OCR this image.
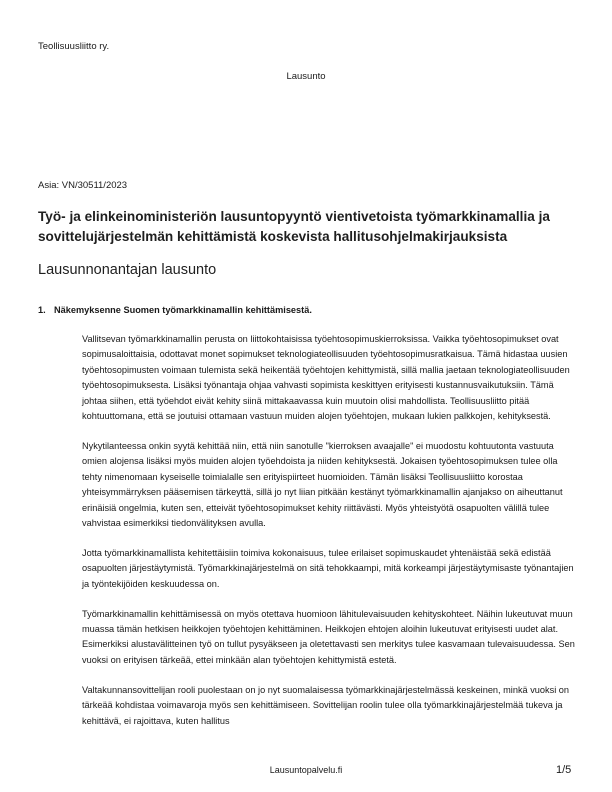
Teollisuusliitto ry.
Lausunto
Asia: VN/30511/2023
Työ- ja elinkeinoministeriön lausuntopyyntö vientivetoista työmarkkinamallia ja sovittelujärjestelmän kehittämistä koskevista hallitusohjelmakirjauksista
Lausunnonantajan lausunto
1. Näkemyksenne Suomen työmarkkinamallin kehittämisestä.

Vallitsevan työmarkkinamallin perusta on liittokohtaisissa työehtosopimuskierroksissa. Vaikka työehtosopimukset ovat sopimusaloittaisia, odottavat monet sopimukset teknologiateollisuuden työehtosopimusratkaisua. Tämä hidastaa uusien työehtosopimusten voimaan tulemista sekä heikentää työehtojen kehittymistä, sillä mallia jaetaan teknologiateollisuuden työehtosopimuksesta. Lisäksi työnantaja ohjaa vahvasti sopimista keskittyen erityisesti kustannusvaikutuksiin. Tämä johtaa siihen, että työehdot eivät kehity siinä mittakaavassa kuin muutoin olisi mahdollista. Teollisuusliitto pitää kohtuuttomana, että se joutuisi ottamaan vastuun muiden alojen työehtojen, mukaan lukien palkkojen, kehityksestä.

Nykytilanteessa onkin syytä kehittää niin, että niin sanotulle "kierroksen avaajalle" ei muodostu kohtuutonta vastuuta omien alojensa lisäksi myös muiden alojen työehdoista ja niiden kehityksestä. Jokaisen työehtosopimuksen tulee olla tehty nimenomaan kyseiselle toimialalle sen erityispiirteet huomioiden. Tämän lisäksi Teollisuusliitto korostaa yhteisymmärryksen pääsemisen tärkeyttä, sillä jo nyt liian pitkään kestänyt työmarkkinamallin ajanjakso on aiheuttanut erinäisiä ongelmia, kuten sen, etteivät työehtosopimukset kehity riittävästi. Myös yhteistyötä osapuolten välillä tulee vahvistaa esimerkiksi tiedonvälityksen avulla.

Jotta työmarkkinamallista kehitettäisiin toimiva kokonaisuus, tulee erilaiset sopimuskaudet yhtenäistää sekä edistää osapuolten järjestäytymistä. Työmarkkinajärjestelmä on sitä tehokkaampi, mitä korkeampi järjestäytymisaste työnantajien ja työntekijöiden keskuudessa on.

Työmarkkinamallin kehittämisessä on myös otettava huomioon lähitulevaisuuden kehityskohteet. Näihin lukeutuvat muun muassa tämän hetkisen heikkojen työehtojen kehittäminen. Heikkojen ehtojen aloihin lukeutuvat erityisesti uudet alat. Esimerkiksi alustavälitteinen työ on tullut pysyäkseen ja oletettavasti sen merkitys tulee kasvamaan tulevaisuudessa. Sen vuoksi on erityisen tärkeää, ettei minkään alan työehtojen kehittymistä estetä.

Valtakunnansovittelijan rooli puolestaan on jo nyt suomalaisessa työmarkkinajärjestelmässä keskeinen, minkä vuoksi on tärkeää kohdistaa voimavaroja myös sen kehittämiseen. Sovittelijan roolin tulee olla työmarkkinajärjestelmää tukeva ja kehittävä, ei rajoittava, kuten hallitus

Lausuntopalvelu.fi	1/5
